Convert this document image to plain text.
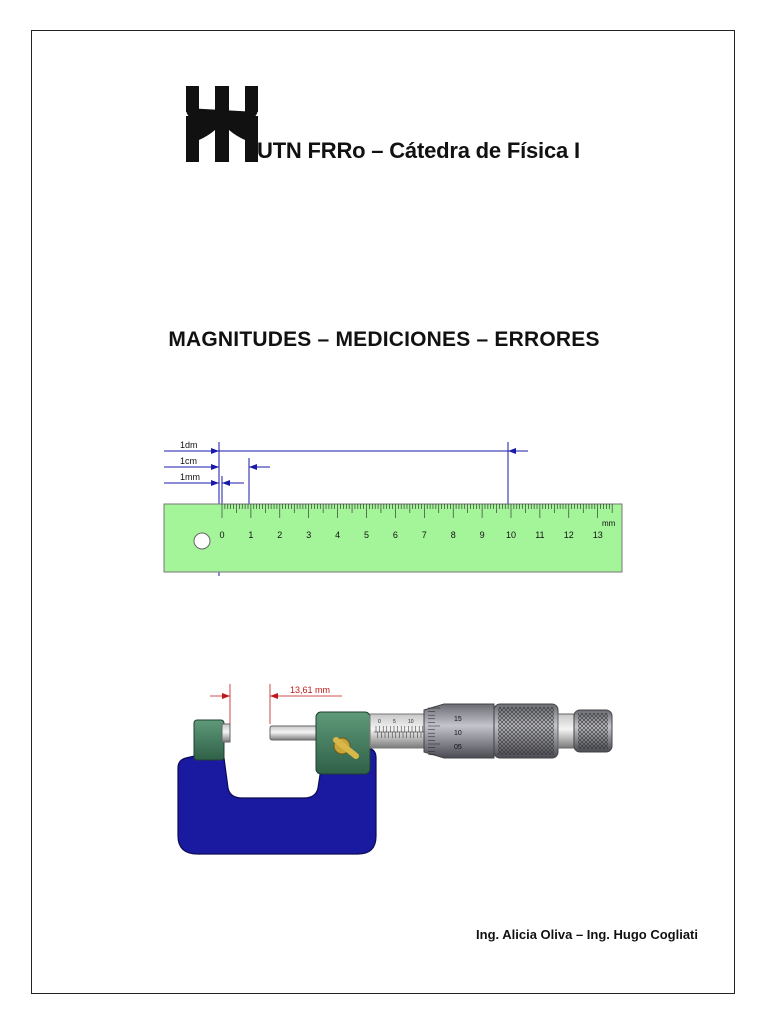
UTN FRRo – Cátedra de Física I
MAGNITUDES – MEDICIONES – ERRORES
1dm
1cm
1mm
0	1	2	3	4	5	6	7	8	9 10 11 12 13
mm
13,61 mm
0 5 10	15
10
05
Ing. Alicia Oliva – Ing. Hugo Cogliati
